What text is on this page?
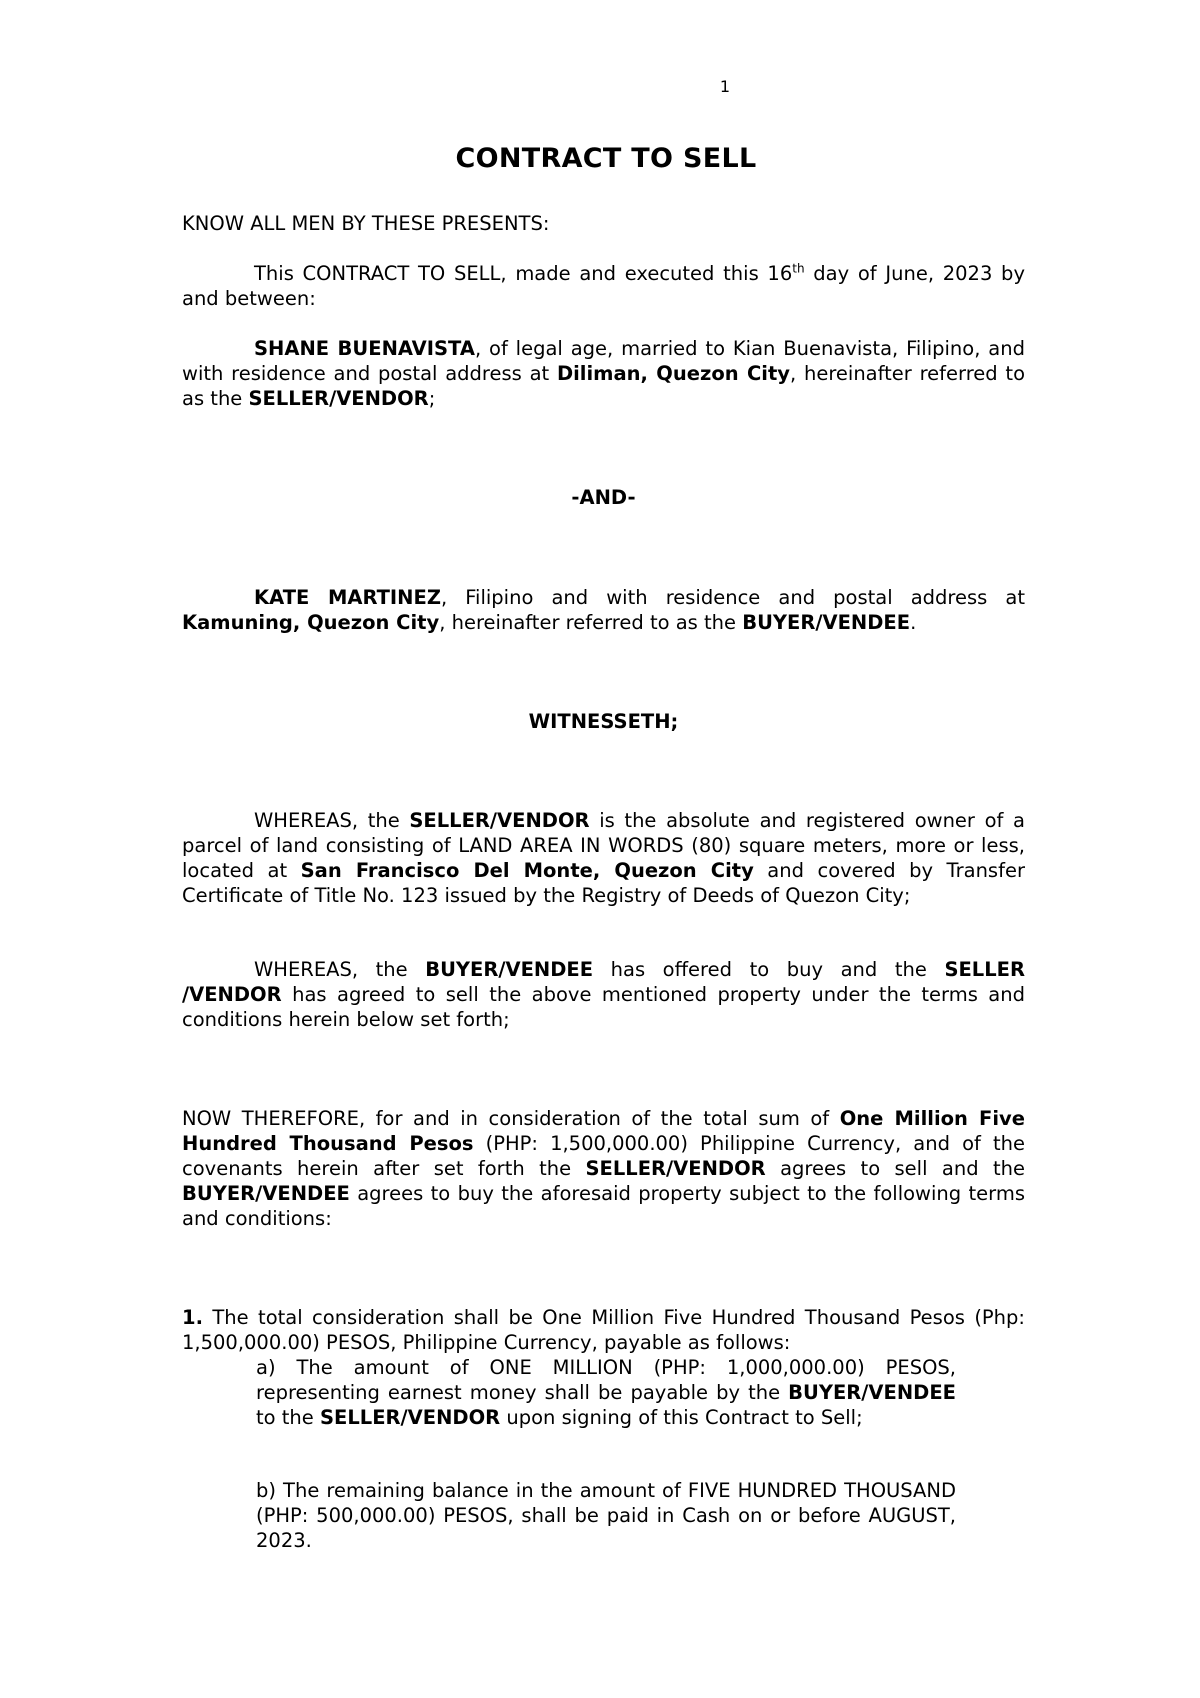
1
CONTRACT TO SELL

KNOW ALL MEN BY THESE PRESENTS:

This CONTRACT TO SELL, made and executed this 16th day of June, 2023 by and between:

SHANE BUENAVISTA, of legal age, married to Kian Buenavista, Filipino, and with residence and postal address at Diliman, Quezon City, hereinafter referred to as the SELLER/VENDOR;

-AND-

KATE MARTINEZ, Filipino and with residence and postal address at Kamuning, Quezon City, hereinafter referred to as the BUYER/VENDEE.

WITNESSETH;

WHEREAS, the SELLER/VENDOR is the absolute and registered owner of a parcel of land consisting of LAND AREA IN WORDS (80) square meters, more or less, located at San Francisco Del Monte, Quezon City and covered by Transfer Certificate of Title No. 123 issued by the Registry of Deeds of Quezon City;

WHEREAS, the BUYER/VENDEE has offered to buy and the SELLER /VENDOR has agreed to sell the above mentioned property under the terms and conditions herein below set forth;

NOW THEREFORE, for and in consideration of the total sum of One Million Five Hundred Thousand Pesos (PHP: 1,500,000.00) Philippine Currency, and of the covenants herein after set forth the SELLER/VENDOR agrees to sell and the BUYER/VENDEE agrees to buy the aforesaid property subject to the following terms and conditions:

1. The total consideration shall be One Million Five Hundred Thousand Pesos (Php: 1,500,000.00) PESOS, Philippine Currency, payable as follows:

a) The amount of ONE MILLION (PHP: 1,000,000.00) PESOS, representing earnest money shall be payable by the BUYER/VENDEE to the SELLER/VENDOR upon signing of this Contract to Sell;

b) The remaining balance in the amount of FIVE HUNDRED THOUSAND (PHP: 500,000.00) PESOS, shall be paid in Cash on or before AUGUST, 2023.
